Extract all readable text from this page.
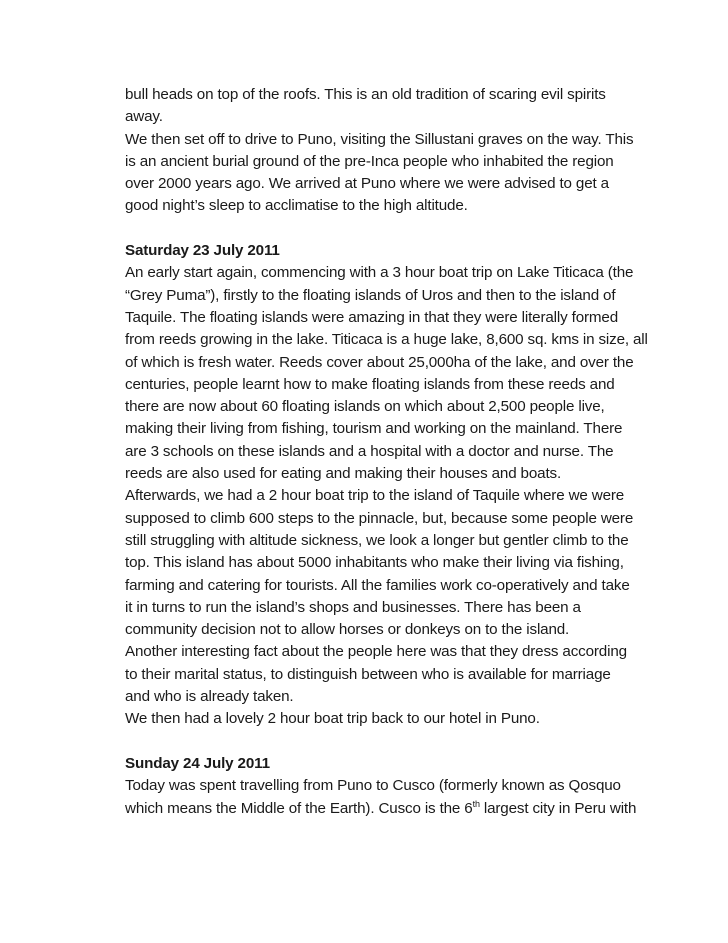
bull heads on top of the roofs. This is an old tradition of scaring evil spirits
away.
We then set off to drive to Puno, visiting the Sillustani graves on the way. This
is an ancient burial ground of the pre-Inca people who inhabited the region
over 2000 years ago. We arrived at Puno where we were advised to get a
good night’s sleep to acclimatise to the high altitude.
Saturday 23 July 2011
An early start again, commencing with a 3 hour boat trip on Lake Titicaca (the
“Grey Puma”), firstly to the floating islands of Uros and then to the island of
Taquile. The floating islands were amazing in that they were literally formed
from reeds growing in the lake. Titicaca is a huge lake, 8,600 sq. kms in size, all
of which is fresh water. Reeds cover about 25,000ha of the lake, and over the
centuries, people learnt how to make floating islands from these reeds and
there are now about 60 floating islands on which about 2,500 people live,
making their living from fishing, tourism and working on the mainland. There
are 3 schools on these islands and a hospital with a doctor and nurse. The
reeds are also used for eating and making their houses and boats.
Afterwards, we had a 2 hour boat trip to the island of Taquile where we were
supposed to climb 600 steps to the pinnacle, but, because some people were
still struggling with altitude sickness, we look a longer but gentler climb to the
top. This island has about 5000 inhabitants who make their living via fishing,
farming and catering for tourists. All the families work co-operatively and take
it in turns to run the island’s shops and businesses. There has been a
community decision not to allow horses or donkeys on to the island.
Another interesting fact about the people here was that they dress according
to their marital status, to distinguish between who is available for marriage
and who is already taken.
We then had a lovely 2 hour boat trip back to our hotel in Puno.
Sunday 24 July 2011
Today was spent travelling from Puno to Cusco (formerly known as Qosquo
which means the Middle of the Earth). Cusco is the 6th largest city in Peru with
